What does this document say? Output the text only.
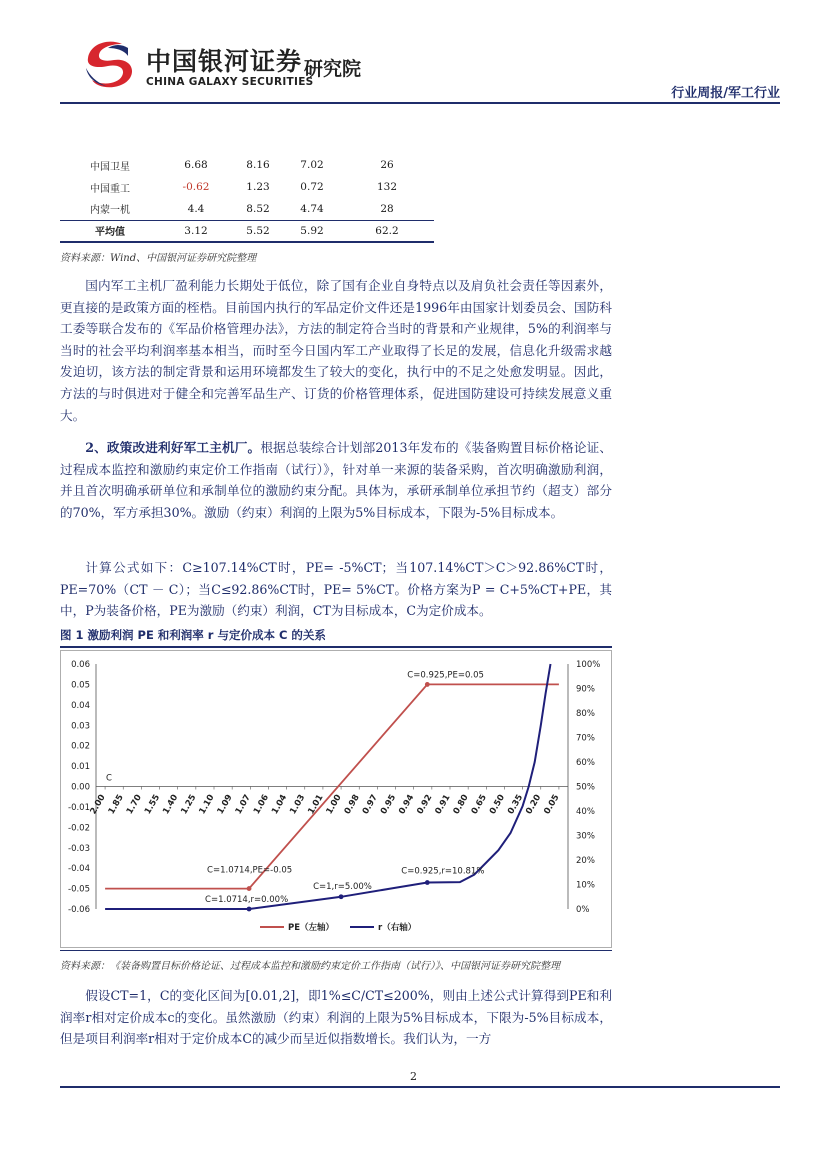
中国银河证券
CHINA GALAXY SECURITIES
研究院
行业周报/军工行业
中国卫星	6.68	8.16	7.02	26
中国重工	-0.62	1.23	0.72	132
内蒙一机	4.4	8.52	4.74	28
平均值	3.12	5.52	5.92	62.2
资料来源：Wind、中国银河证券研究院整理
国内军工主机厂盈利能力长期处于低位，除了国有企业自身特点以及肩负社会责任等因素外，更直接的是政策方面的桎梏。目前国内执行的军品定价文件还是1996年由国家计划委员会、国防科工委等联合发布的《军品价格管理办法》，方法的制定符合当时的背景和产业规律，5%的利润率与当时的社会平均利润率基本相当，而时至今日国内军工产业取得了长足的发展，信息化升级需求越发迫切，该方法的制定背景和运用环境都发生了较大的变化，执行中的不足之处愈发明显。因此，方法的与时俱进对于健全和完善军品生产、订货的价格管理体系，促进国防建设可持续发展意义重大。
2、政策改进利好军工主机厂。根据总装综合计划部2013年发布的《装备购置目标价格论证、过程成本监控和激励约束定价工作指南（试行）》，针对单一来源的装备采购，首次明确激励利润，并且首次明确承研单位和承制单位的激励约束分配。具体为，承研承制单位承担节约（超支）部分的70%，军方承担30%。激励（约束）利润的上限为5%目标成本，下限为-5%目标成本。
计算公式如下：C≥107.14%CT时，PE= -5%CT；当107.14%CT＞C＞92.86%CT时，PE=70%（CT － C）；当C≤92.86%CT时，PE= 5%CT。价格方案为P = C+5%CT+PE，其中，P为装备价格，PE为激励（约束）利润，CT为目标成本，C为定价成本。
图 1 激励利润 PE 和利润率 r 与定价成本 C 的关系
0.06
0.05
0.04
0.03
0.02
0.01
0.00
-0.01
-0.02
-0.03
-0.04
-0.05
-0.06
100%
90%
80%
70%
60%
50%
40%
30%
20%
10%
0%
2.00 1.85 1.70 1.55 1.40 1.25 1.10 1.09 1.07 1.06 1.04 1.03 1.01 1.00 0.98 0.97 0.95 0.94 0.92 0.91 0.80 0.65 0.50 0.35 0.20 0.05
C
C=0.925,PE=0.05
C=1.0714,PE=-0.05
C=1,r=5.00%
C=0.925,r=10.81%
C=1.0714,r=0.00%
PE（左轴）	r（右轴）
资料来源：《装备购置目标价格论证、过程成本监控和激励约束定价工作指南（试行）》、中国银河证券研究院整理
假设CT=1，C的变化区间为[0.01,2]，即1%≤C/CT≤200%，则由上述公式计算得到PE和利润率r相对定价成本c的变化。虽然激励（约束）利润的上限为5%目标成本，下限为-5%目标成本，但是项目利润率r相对于定价成本C的减少而呈近似指数增长。我们认为，一方
2
